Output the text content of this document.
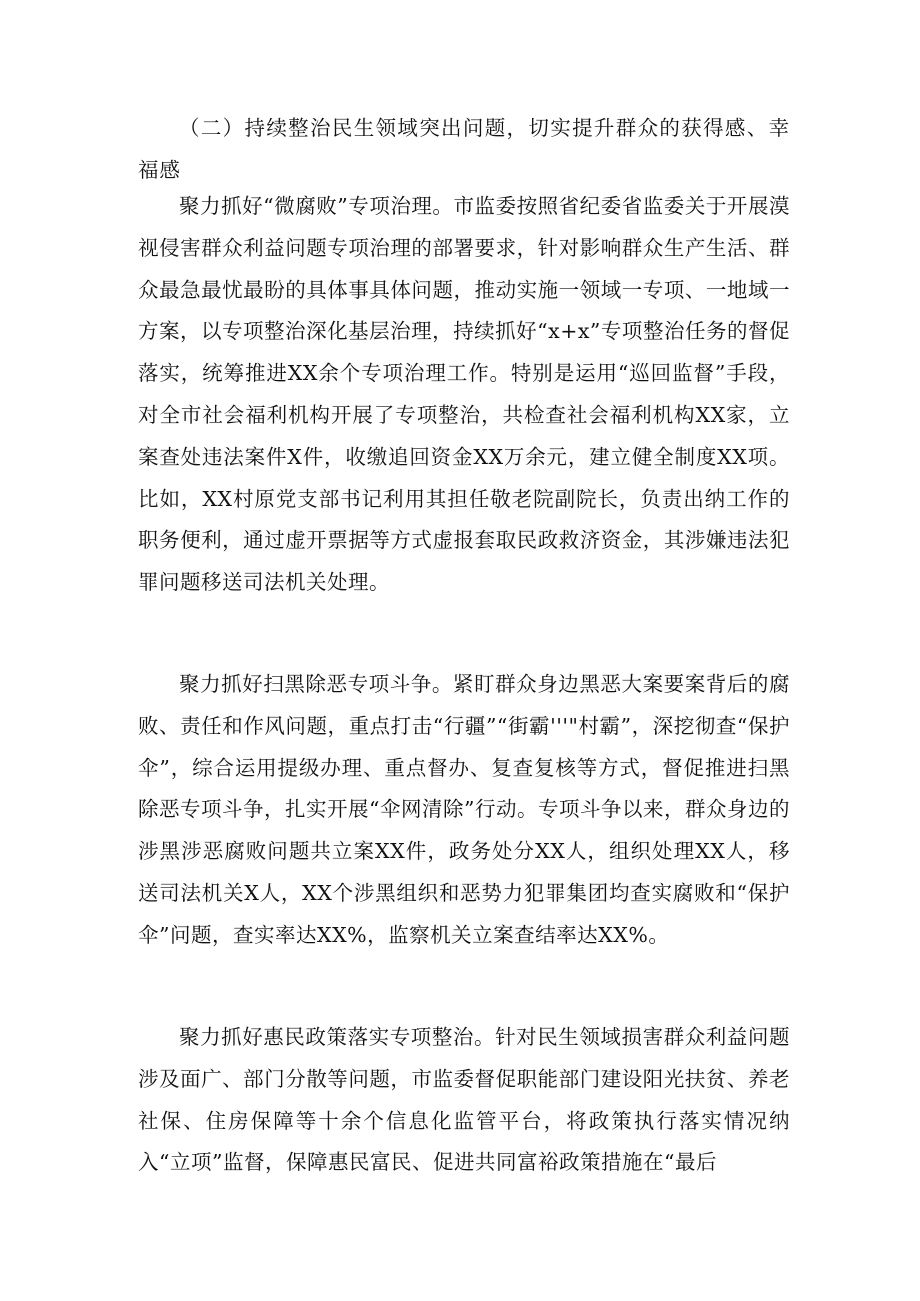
（二）持续整治民生领域突出问题，切实提升群众的获得感、幸福感

聚力抓好“微腐败”专项治理。市监委按照省纪委省监委关于开展漠视侵害群众利益问题专项治理的部署要求，针对影响群众生产生活、群众最急最忧最盼的具体事具体问题，推动实施一领域一专项、一地域一方案，以专项整治深化基层治理，持续抓好“x+x”专项整治任务的督促落实，统筹推进XX余个专项治理工作。特别是运用“巡回监督”手段，对全市社会福利机构开展了专项整治，共检查社会福利机构XX家，立案查处违法案件X件，收缴追回资金XX万余元，建立健全制度XX项。比如，XX村原党支部书记利用其担任敬老院副院长，负责出纳工作的职务便利，通过虚开票据等方式虚报套取民政救济资金，其涉嫌违法犯罪问题移送司法机关处理。

聚力抓好扫黑除恶专项斗争。紧盯群众身边黑恶大案要案背后的腐败、责任和作风问题，重点打击“行疆”“街霸'''"村霸”，深挖彻查“保护伞”，综合运用提级办理、重点督办、复查复核等方式，督促推进扫黑除恶专项斗争，扎实开展“伞网清除”行动。专项斗争以来，群众身边的涉黑涉恶腐败问题共立案XX件，政务处分XX人，组织处理XX人，移送司法机关X人，XX个涉黑组织和恶势力犯罪集团均查实腐败和“保护伞”问题，查实率达XX%，监察机关立案查结率达XX%。

聚力抓好惠民政策落实专项整治。针对民生领域损害群众利益问题涉及面广、部门分散等问题，市监委督促职能部门建设阳光扶贫、养老社保、住房保障等十余个信息化监管平台，将政策执行落实情况纳入“立项”监督，保障惠民富民、促进共同富裕政策措施在“最后
